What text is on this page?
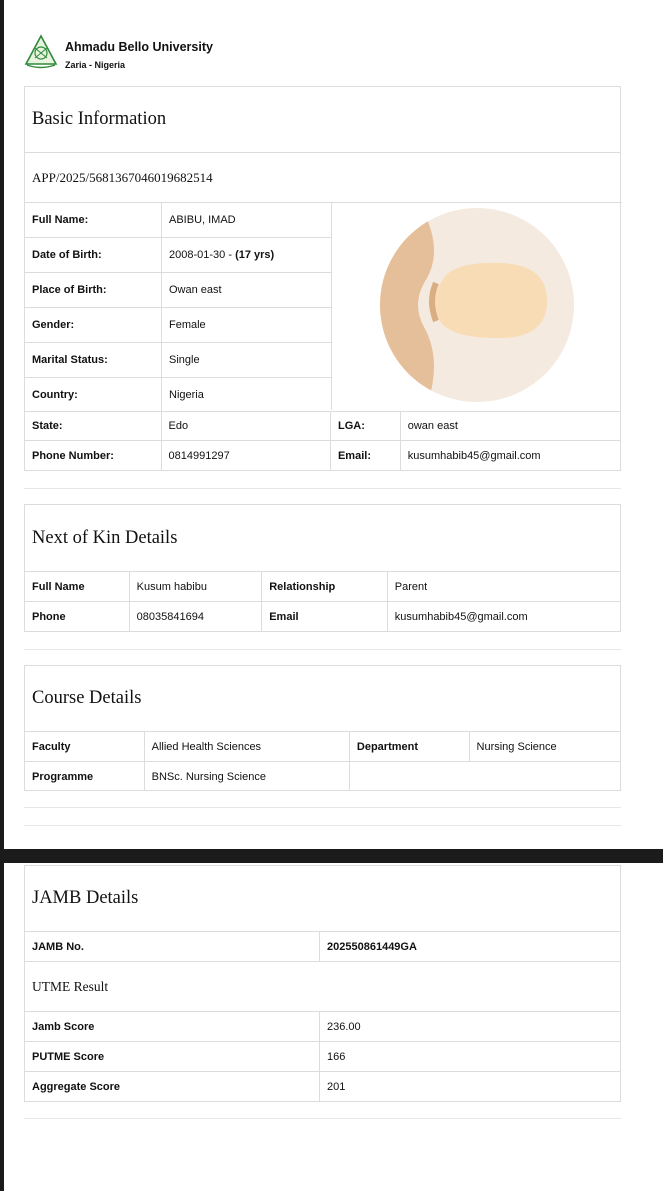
Ahmadu Bello University
Zaria - Nigeria
Basic Information
APP/2025/5681367046019682514
Full Name:	ABIBU, IMAD
Date of Birth:	2008-01-30 -
(17 yrs)
Place of Birth:	Owan east
Gender:	Female
Marital Status:	Single
Country:	Nigeria
State:	Edo	LGA:	owan east
Phone Number:	0814991297	Email:	kusumhabib45@gmail.com
Next of Kin Details
Full Name	Kusum habibu	Relationship	Parent
Phone	08035841694	Email	kusumhabib45@gmail.com
Course Details
Faculty	Allied Health Sciences	Department	Nursing Science
Programme	BNSc. Nursing Science
JAMB Details
JAMB No.	202550861449GA
UTME Result
Jamb Score	236.00
PUTME Score	166
Aggregate Score	201
